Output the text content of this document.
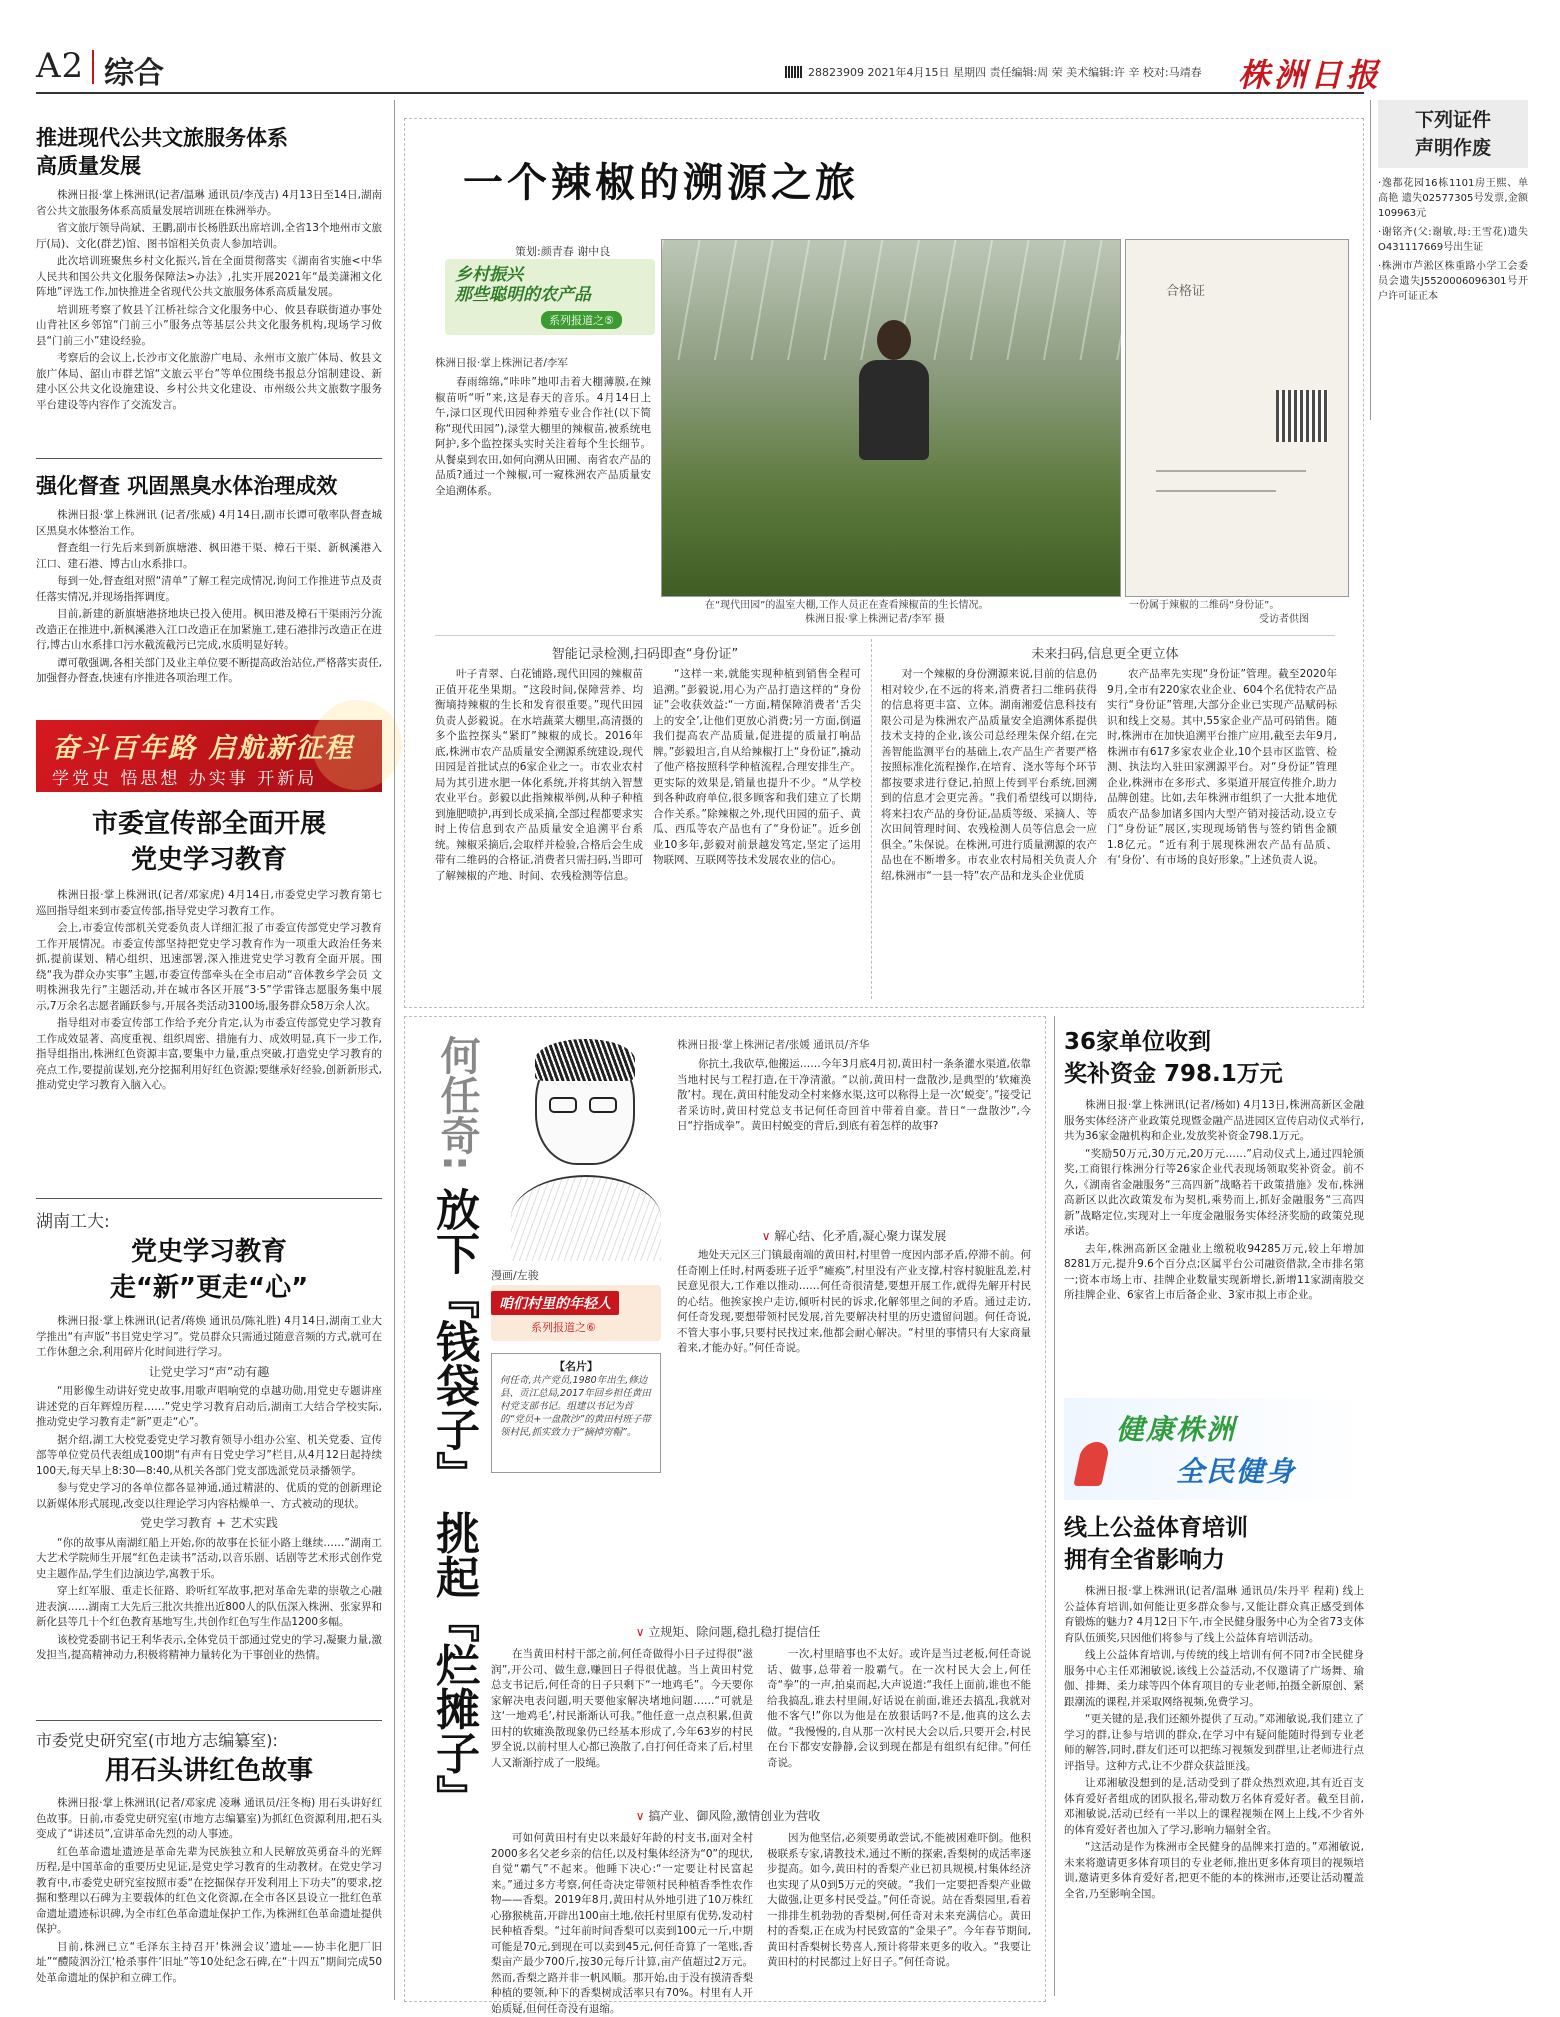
A2 综合	28823909 2021年4月15日 星期四 责任编辑:周 荣 美术编辑:许 辛 校对:马靖春 株洲日报
推进现代公共文旅服务体系
高质量发展

株洲日报·掌上株洲讯(记者/温琳 通讯员/李茂吉) 4月13日至14日,湖南省公共文旅服务体系高质量发展培训班在株洲举办。

省文旅厅领导尚斌、王鹏,副市长杨胜跃出席培训,全省13个地州市文旅厅(局)、文化(群艺)馆、图书馆相关负责人参加培训。

此次培训班聚焦乡村文化振兴,旨在全面贯彻落实《湖南省实施<中华人民共和国公共文化服务保障法>办法》,扎实开展2021年“最美潇湘文化阵地”评选工作,加快推进全省现代公共文旅服务体系高质量发展。

培训班考察了攸县丫江桥社综合文化服务中心、攸县春联街道办事处山背社区乡邻馆“门前三小”服务点等基层公共文化服务机构,现场学习攸县“门前三小”建设经验。

考察后的会议上,长沙市文化旅游广电局、永州市文旅广体局、攸县文旅广体局、韶山市群艺馆“文旅云平台”等单位围绕书报总分馆制建设、新建小区公共文化设施建设、乡村公共文化建设、市州级公共文旅数字服务平台建设等内容作了交流发言。

强化督查 巩固黑臭水体治理成效

株洲日报·掌上株洲讯 (记者/张威) 4月14日,副市长谭可敬率队督查城区黑臭水体整治工作。

督查组一行先后来到新旗塘港、枫田港干渠、樟石干渠、新枫溪港入江口、建石港、博古山水系排口。

每到一处,督查组对照“清单”了解工程完成情况,询问工作推进节点及责任落实情况,并现场指挥调度。

目前,新建的新旗塘港挤地块已投入使用。枫田港及樟石干渠雨污分流改造正在推进中,新枫溪港入江口改造正在加紧施工,建石港排污改造正在进行,博古山水系排口污水截流截污已完成,水质明显好转。

谭可敬强调,各相关部门及业主单位要不断提高政治站位,严格落实责任,加强督办督查,快速有序推进各项治理工作。

奋斗百年路 启航新征程
学党史 悟思想 办实事 开新局
市委宣传部全面开展
党史学习教育

株洲日报·掌上株洲讯(记者/邓家虎) 4月14日,市委党史学习教育第七巡回指导组来到市委宣传部,指导党史学习教育工作。

会上,市委宣传部机关党委负责人详细汇报了市委宣传部党史学习教育工作开展情况。市委宣传部坚持把党史学习教育作为一项重大政治任务来抓,提前谋划、精心组织、迅速部署,深入推进党史学习教育全面开展。围绕“我为群众办实事”主题,市委宣传部牵头在全市启动“音体教乡学会员 文明株洲我先行”主题活动,并在城市各区开展“3·5”学雷锋志愿服务集中展示,7万余名志愿者踊跃参与,开展各类活动3100场,服务群众58万余人次。

指导组对市委宣传部工作给予充分肯定,认为市委宣传部党史学习教育工作成效显著、高度重视、组织周密、措施有力、成效明显,真下一步工作,指导组指出,株洲红色资源丰富,要集中力量,重点突破,打造党史学习教育的亮点工作,要提前谋划,充分挖掘利用好红色资源;要继承好经验,创新新形式,推动党史学习教育入脑入心。

湖南工大:
党史学习教育
走“新”更走“心”

株洲日报·掌上株洲讯(记者/蒋焕 通讯员/陈礼胜) 4月14日,湖南工业大学推出“有声版”书目党史学习”。党员群众只需通过随意音频的方式,就可在工作休憩之余,利用碎片化时间进行学习。

让党史学习“声”动有趣

“用影像生动讲好党史故事,用歌声唱响党的卓越功勋,用党史专题讲座讲述党的百年辉煌历程……”党史学习教育启动后,湖南工大结合学校实际,推动党史学习教育走“新”更走“心”。

据介绍,湖工大校党委党史学习教育领导小组办公室、机关党委、宣传部等单位党员代表组成100期“有声有日党史学习”栏目,从4月12日起持续100天,每天早上8:30—8:40,从机关各部门党支部选派党员录播领学。

参与党史学习的各单位都各显神通,通过精湛的、优质的党的创新理论以新媒体形式展现,改变以往理论学习内容枯燥单一、方式被动的现状。

党史学习教育 + 艺术实践

“你的故事从南湖红船上开始,你的故事在长征小路上继续……”湖南工大艺术学院师生开展“红色走读书”活动,以音乐剧、话剧等艺术形式创作党史主题作品,学生们边演边学,寓教于乐。

穿上红军服、重走长征路、聆听红军故事,把对革命先辈的崇敬之心融进表演……湖南工大先后三批次共推出近800人的队伍深入株洲、张家界和新化县等几十个红色教育基地写生,共创作红色写生作品1200多幅。

该校党委副书记王利华表示,全体党员干部通过党史的学习,凝聚力量,激发担当,提高精神动力,积极将精神力量转化为干事创业的热情。

市委党史研究室(市地方志编纂室):
用石头讲红色故事

株洲日报·掌上株洲讯(记者/邓家虎 凌琳 通讯员/汪冬梅) 用石头讲好红色故事。日前,市委党史研究室(市地方志编纂室)为抓红色资源利用,把石头变成了“讲述员”,宣讲革命先烈的动人事迹。

红色革命遗址遗迹是革命先辈为民族独立和人民解放英勇奋斗的光辉历程,是中国革命的重要历史见证,是党史学习教育的生动教材。在党史学习教育中,市委党史研究室按照市委“在挖掘保存开发利用上下功夫”的要求,挖掘和整理以石碑为主要载体的红色文化资源,在全市各区县设立一批红色革命遗址遗迹标识碑,为全市红色革命遗址保护工作,为株洲红色革命遗址提供保护。

目前,株洲已立“毛泽东主持召开‘株洲会议’遗址——协丰化肥厂旧址”“醴陵泗汾江‘枪杀事件’旧址”等10处纪念石碑,在“十四五”期间完成50处革命遗址的保护和立碑工作。

一个辣椒的溯源之旅
策划:颜青春 谢中良
乡村振兴
那些聪明的农产品
系列报道之⑤
合格证
株洲日报·掌上株洲记者/李军

春雨绵绵,“咔咔”地叩击着大棚薄膜,在辣椒苗听“听”来,这是春天的音乐。4月14日上午,渌口区现代田园种养殖专业合作社(以下简称“现代田园”),渌堂大棚里的辣椒苗,被系统电阿护,多个监控探头实时关注着每个生长细节。从餐桌到农田,如何向溯从田圃、南省农产品的品质?通过一个辣椒,可一窥株洲农产品质量安全追溯体系。

在“现代田园”的温室大棚,工作人员正在查看辣椒苗的生长情况。
株洲日报·掌上株洲记者/李军 摄
一份属于辣椒的二维码“身份证”。
受访者供图
智能记录检测,扫码即查“身份证”	未来扫码,信息更全更立体

叶子青翠、白花铺路,现代田园的辣椒苗正值开花坐果期。“这段时间,保障营养、均衡墒持辣椒的生长和发育很重要。”现代田园负责人彭毅说。在水培蔬菜大棚里,高清摄的多个监控探头“紧盯”辣椒的成长。2016年底,株洲市农产品质量安全溯源系统建设,现代田园是首批试点的6家企业之一。市农业农村局为其引进水肥一体化系统,并将其纳入智慧农业平台。彭毅以此指辣椒举例,从种子种植到施肥喷护,再到长成采摘,全部过程都要求实时上传信息到农产品质量安全追溯平台系统。辣椒采摘后,会取样并检验,合格后会生成带有二维码的合格证,消费者只需扫码,当即可了解辣椒的产地、时间、农残检测等信息。

“这样一来,就能实现种植到销售全程可追溯。”彭毅说,用心为产品打造这样的“身份证”会收获效益:“一方面,精保障消费者‘舌尖上的安全’,让他们更放心消费;另一方面,倒逼我们提高农产品质量,促进提的质量打响品牌。”彭毅坦言,自从给辣椒打上“身份证”,撬动了他产格按照科学种植流程,合理安排生产。更实际的效果是,销量也提升不少。“从学校到各种政府单位,很多顾客和我们建立了长期合作关系。”除辣椒之外,现代田园的茄子、黄瓜、西瓜等农产品也有了“身份证”。近乡创业10多年,彭毅对前景越发笃定,坚定了运用物联网、互联网等技术发展农业的信心。

对一个辣椒的身份溯源来说,目前的信息仍相对较少,在不远的将来,消费者扫二维码获得的信息将更丰富、立体。湖南湘爱信息科技有限公司是为株洲农产品质量安全追溯体系提供技术支持的企业,该公司总经理朱保介绍,在完善智能监测平台的基础上,农产品生产者要严格按照标准化流程操作,在培育、浇水等每个环节都按要求进行登记,拍照上传到平台系统,回溯到的信息才会更完善。“我们希望线可以期待,将来扫农产品的身份证,品质等级、采摘人、等次田间管理时间、农残检测人员等信息会一应俱全。”朱保说。在株洲,可进行质量溯源的农产品也在不断增多。市农业农村局相关负责人介绍,株洲市“一县一特”农产品和龙头企业优质

农产品率先实现“身份证”管理。截至2020年9月,全市有220家农业企业、604个名优特农产品实行“身份证”管理,大部分企业已实现产品赋码标识和线上交易。其中,55家企业产品可码销售。随时,株洲市在加快追溯平台推广应用,截至去年9月,株洲市有617多家农业企业,10个县市区监管、检测、执法均入驻田家溯源平台。对“身份证”管理企业,株洲市在多形式、多渠道开展宣传推介,助力品牌创建。比如,去年株洲市组织了一大批本地优质农产品参加诸多国内大型产销对接活动,设立专门“身份证”展区,实现现场销售与签约销售金额1.8亿元。“近有利于展现株洲农产品有品质、有‘身份’、有市场的良好形象。”上述负责人说。

何任奇:
放下『钱袋子』 挑起『烂摊子』 漫画/左骏
咱们村里的年轻人
系列报道之⑥
【名片】
何任奇,共产党员,1980年出生,修边县、贡江总局,2017年回乡担任黄田村党支部书记。组建以书记为首的“党员+一盘散沙”的黄田村班子带领村民,抓实致力于“摘掉穷帽”。
株洲日报·掌上株洲记者/张媛 通讯员/齐华

你抗土,我砍草,他搬运……今年3月底4月初,黄田村一条条灌水渠道,依靠当地村民与工程打造,在干净清澈。“以前,黄田村一盘散沙,是典型的‘软瘫涣散’村。现在,黄田村能发动全村来修水渠,这可以称得上是一次‘蜕变’。”接受记者采访时,黄田村党总支书记何任奇回首中带着自豪。昔日“一盘散沙”,今日“拧指成拳”。黄田村蜕变的背后,到底有着怎样的故事?

∨ 解心结、化矛盾,凝心聚力谋发展

地处天元区三门镇最南端的黄田村,村里曾一度因内部矛盾,停滞不前。何任奇刚上任时,村两委班子近乎“瘫痪”,村里没有产业支撑,村容村貌脏乱差,村民意见很大,工作难以推动……何任奇很清楚,要想开展工作,就得先解开村民的心结。他挨家挨户走访,倾听村民的诉求,化解邻里之间的矛盾。通过走访,何任奇发现,要想带领村民发展,首先要解决村里的历史遗留问题。何任奇说,不管大事小事,只要村民找过来,他都会耐心解决。“村里的事情只有大家商量着来,才能办好。”何任奇说。

∨ 立规矩、除问题,稳扎稳打提信任

在当黄田村村干部之前,何任奇做得小日子过得很“滋润”,开公司、做生意,赚回日子得很优越。当上黄田村党总支书记后,何任奇的日子只剩下“一地鸡毛”。今天要你家解决电表问题,明天要他家解决堵地问题……“可就是这‘一地鸡毛’,村民渐渐认可我。”他任意一点点积累,但黄田村的软瘫涣散现象仍已经基本形成了,今年63岁的村民罗全说,以前村里人心都已涣散了,自打何任奇来了后,村里人又渐渐拧成了一股绳。

一次,村里暗事也不太好。或许是当过老板,何任奇说话、做事,总带着一股霸气。在一次村民大会上,何任奇“拳”的一声,拍桌而起,大声说道:“我任上面前,谁也不能给我搞乱,谁去村里闹,好话说在前面,谁还去搞乱,我就对他不客气!”你以为他是在放狠话吗?不是,他真的这么去做。“我慢慢的,自从那一次村民大会以后,只要开会,村民在台下都安安静静,会议到现在都是有组织有纪律。”何任奇说。

∨ 搞产业、御风险,激情创业为营收

可如何黄田村有史以来最好年龄的村支书,面对全村2000多名父老乡亲的信任,以及村集体经济为“0”的现状,自觉“霸气”不起来。他睡下决心:“一定要让村民富起来。”通过多方考察,何任奇决定带领村民种植香季性农作物——香梨。2019年8月,黄田村从外地引进了10万株红心猕猴桃苗,开辟出100亩土地,依托村里原有优势,发动村民种植香梨。“过年前时间香梨可以卖到100元一斤,中期可能是70元,到现在可以卖到45元,何任奇算了一笔账,香梨亩产最少700斤,按30元每斤计算,亩产值超过2万元。然而,香梨之路并非一帆风顺。那开始,由于没有摸清香梨种植的要领,种下的香梨树成活率只有70%。村里有人开始质疑,但何任奇没有退缩。

因为他坚信,必须要勇敢尝试,不能被困难吓倒。他积极联系专家,请教技术,通过不断的探索,香梨树的成活率逐步提高。如今,黄田村的香梨产业已初具规模,村集体经济也实现了从0到5万元的突破。“我们一定要把香梨产业做大做强,让更多村民受益。”何任奇说。站在香梨园里,看着一排排生机勃勃的香梨树,何任奇对未来充满信心。黄田村的香梨,正在成为村民致富的“金果子”。今年春节期间,黄田村香梨树长势喜人,预计将带来更多的收入。“我要让黄田村的村民都过上好日子。”何任奇说。

下列证件
声明作废
·逸都花园16栋1101房王熙、单高艳 遗失02577305号发票,金额109963元
·谢铭齐(父:谢敏,母:王雪花)遗失O431117669号出生证
·株洲市芦淞区株重路小学工会委员会遗失J5520006096301号开户许可证正本
36家单位收到
奖补资金 798.1万元

株洲日报·掌上株洲讯(记者/杨如) 4月13日,株洲高新区金融服务实体经济产业政策兑现暨金融产品进园区宣传启动仪式举行,共为36家金融机构和企业,发放奖补资金798.1万元。

“奖励50万元,30万元,20万元……”启动仪式上,通过四轮颁奖,工商银行株洲分行等26家企业代表现场领取奖补资金。前不久,《湖南省金融服务“三高四新”战略若干政策措施》发布,株洲高新区以此次政策发布为契机,乘势而上,抓好金融服务“三高四新”战略定位,实现对上一年度金融服务实体经济奖励的政策兑现承诺。

去年,株洲高新区金融业上缴税收94285万元,较上年增加8281万元,提升9.6个百分点;区属平台公司融资借款,全市排名第一;资本市场上市、挂牌企业数量实现新增长,新增11家湖南股交所挂牌企业、6家省上市后备企业、3家市拟上市企业。

健康株洲
全民健身
线上公益体育培训
拥有全省影响力

株洲日报·掌上株洲讯(记者/温琳 通讯员/朱丹平 程莉) 线上公益体育培训,如何能让更多群众参与,又能让群众真正感受到体育锻炼的魅力? 4月12日下午,市全民健身服务中心为全省73支体育队伍颁奖,只因他们将参与了线上公益体育培训活动。

线上公益体育培训,与传统的线上培训有何不同?市全民健身服务中心主任邓湘敏说,该线上公益活动,不仅邀请了广场舞、瑜伽、排舞、柔力球等四个体育项目的专业老师,拍摄全新原创、紧跟潮流的课程,并采取网络视频,免费学习。

“更关键的是,我们还额外提供了互动。”邓湘敏说,我们建立了学习的群,让参与培训的群众,在学习中有疑问能随时得到专业老师的解答,同时,群友们还可以把练习视频发到群里,让老师进行点评指导。这种方式,让不少群众获益匪浅。

让邓湘敏没想到的是,活动受到了群众热烈欢迎,其有近百支体育爱好者组成的团队报名,带动数万名体育爱好者。截至目前,邓湘敏说,活动已经有一半以上的课程视频在网上上线,不少省外的体育爱好者也加入了学习,影响力辐射全省。

“这活动是作为株洲市全民健身的品牌来打造的。”邓湘敏说,未来将邀请更多体育项目的专业老师,推出更多体育项目的视频培训,邀请更多体育爱好者,把更不能的本的株洲市,还要让活动覆盖全省,乃至影响全国。
